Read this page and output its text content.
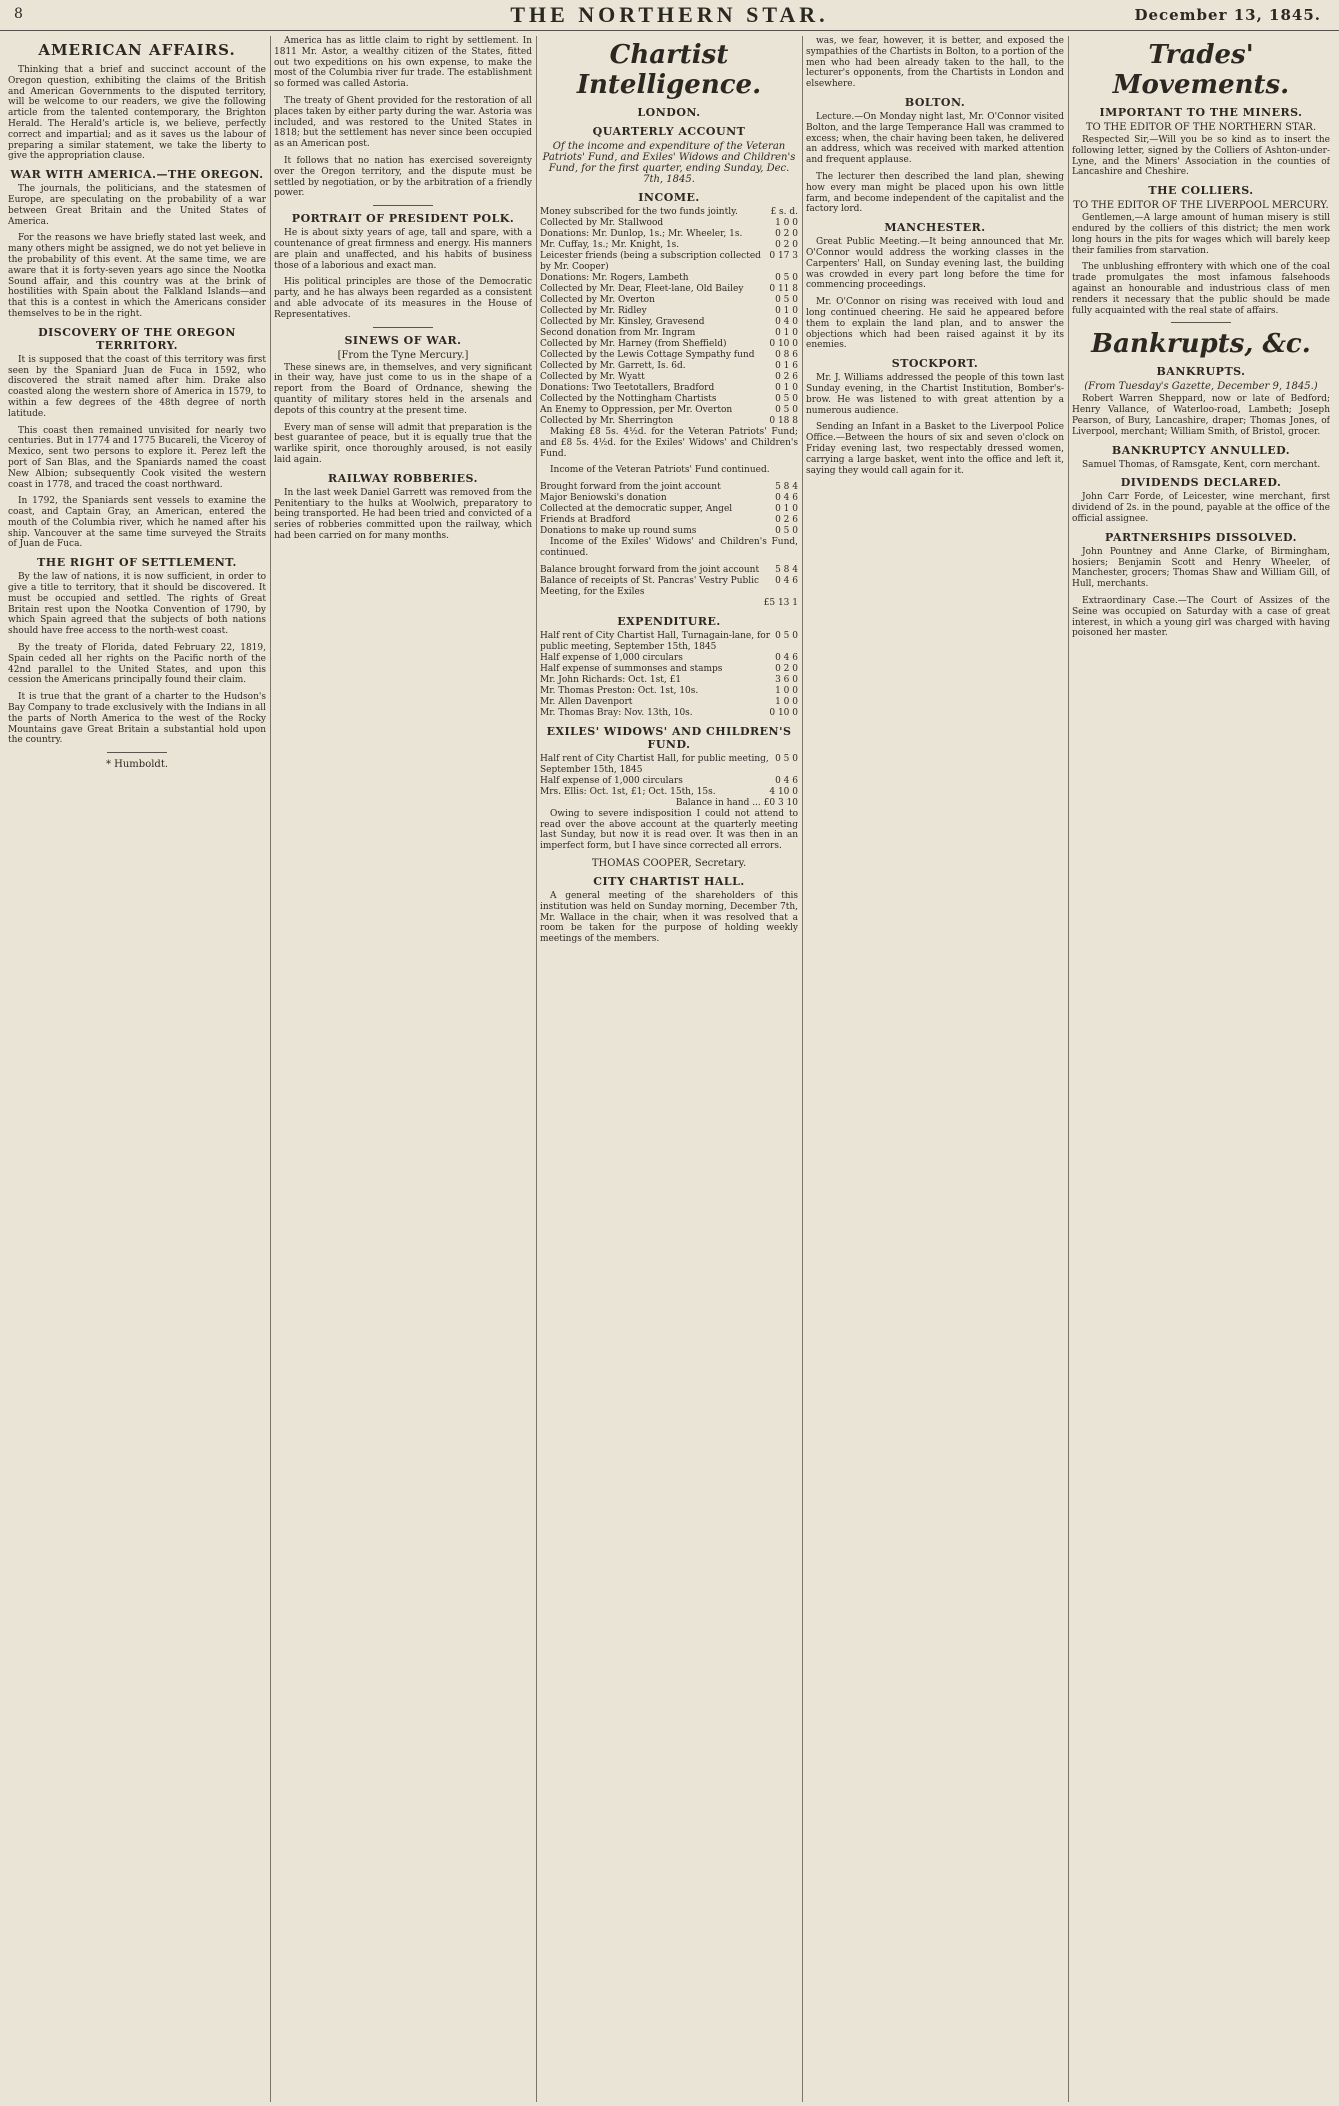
8	THE NORTHERN STAR.	December 13, 1845.
AMERICAN AFFAIRS.

Thinking that a brief and succinct account of the Oregon question, exhibiting the claims of the British and American Governments to the disputed territory, will be welcome to our readers, we give the following article from the talented contemporary, the Brighton Herald. The Herald's article is, we believe, perfectly correct and impartial; and as it saves us the labour of preparing a similar statement, we take the liberty to give the appropriation clause.

WAR WITH AMERICA.—THE OREGON.

The journals, the politicians, and the statesmen of Europe, are speculating on the probability of a war between Great Britain and the United States of America.

For the reasons we have briefly stated last week, and many others might be assigned, we do not yet believe in the probability of this event. At the same time, we are aware that it is forty-seven years ago since the Nootka Sound affair, and this country was at the brink of hostilities with Spain about the Falkland Islands—and that this is a contest in which the Americans consider themselves to be in the right.

DISCOVERY OF THE OREGON TERRITORY.

It is supposed that the coast of this territory was first seen by the Spaniard Juan de Fuca in 1592, who discovered the strait named after him. Drake also coasted along the western shore of America in 1579, to within a few degrees of the 48th degree of north latitude.

This coast then remained unvisited for nearly two centuries. But in 1774 and 1775 Bucareli, the Viceroy of Mexico, sent two persons to explore it. Perez left the port of San Blas, and the Spaniards named the coast New Albion; subsequently Cook visited the western coast in 1778, and traced the coast northward.

In 1792, the Spaniards sent vessels to examine the coast, and Captain Gray, an American, entered the mouth of the Columbia river, which he named after his ship. Vancouver at the same time surveyed the Straits of Juan de Fuca.

THE RIGHT OF SETTLEMENT.

By the law of nations, it is now sufficient, in order to give a title to territory, that it should be discovered. It must be occupied and settled. The rights of Great Britain rest upon the Nootka Convention of 1790, by which Spain agreed that the subjects of both nations should have free access to the north-west coast.

By the treaty of Florida, dated February 22, 1819, Spain ceded all her rights on the Pacific north of the 42nd parallel to the United States, and upon this cession the Americans principally found their claim.

It is true that the grant of a charter to the Hudson's Bay Company to trade exclusively with the Indians in all the parts of North America to the west of the Rocky Mountains gave Great Britain a substantial hold upon the country.

* Humboldt.

America has as little claim to right by settlement. In 1811 Mr. Astor, a wealthy citizen of the States, fitted out two expeditions on his own expense, to make the most of the Columbia river fur trade. The establishment so formed was called Astoria.

The treaty of Ghent provided for the restoration of all places taken by either party during the war. Astoria was included, and was restored to the United States in 1818; but the settlement has never since been occupied as an American post.

It follows that no nation has exercised sovereignty over the Oregon territory, and the dispute must be settled by negotiation, or by the arbitration of a friendly power.

PORTRAIT OF PRESIDENT POLK.

He is about sixty years of age, tall and spare, with a countenance of great firmness and energy. His manners are plain and unaffected, and his habits of business those of a laborious and exact man.

His political principles are those of the Democratic party, and he has always been regarded as a consistent and able advocate of its measures in the House of Representatives.

SINEWS OF WAR.
[From the Tyne Mercury.]

These sinews are, in themselves, and very significant in their way, have just come to us in the shape of a report from the Board of Ordnance, shewing the quantity of military stores held in the arsenals and depots of this country at the present time.

Every man of sense will admit that preparation is the best guarantee of peace, but it is equally true that the warlike spirit, once thoroughly aroused, is not easily laid again.

RAILWAY ROBBERIES.

In the last week Daniel Garrett was removed from the Penitentiary to the hulks at Woolwich, preparatory to being transported. He had been tried and convicted of a series of robberies committed upon the railway, which had been carried on for many months.

Chartist Intelligence.
LONDON.
QUARTERLY ACCOUNT
Of the income and expenditure of the Veteran Patriots' Fund, and Exiles' Widows and Children's Fund, for the first quarter, ending Sunday, Dec. 7th, 1845.
INCOME.
Money subscribed for the two funds jointly.	£ s. d.
Collected by Mr. Stallwood	1 0 0
Donations: Mr. Dunlop, 1s.; Mr. Wheeler, 1s.	0 2 0
Mr. Cuffay, 1s.; Mr. Knight, 1s.	0 2 0
Leicester friends (being a subscription collected by Mr. Cooper)
0 17 3
Donations: Mr. Rogers, Lambeth	0 5 0
Collected by Mr. Dear, Fleet-lane, Old Bailey	0 11 8
Collected by Mr. Overton	0 5 0
Collected by Mr. Ridley	0 1 0
Collected by Mr. Kinsley, Gravesend	0 4 0
Second donation from Mr. Ingram	0 1 0
Collected by Mr. Harney (from Sheffield)	0 10 0
Collected by the Lewis Cottage Sympathy fund 0 8 6
Collected by Mr. Garrett, Is. 6d.	0 1 6
Collected by Mr. Wyatt	0 2 6
Donations: Two Teetotallers, Bradford	0 1 0
Collected by the Nottingham Chartists	0 5 0
An Enemy to Oppression, per Mr. Overton	0 5 0
Collected by Mr. Sherrington	0 18 8

Making £8 5s. 4½d. for the Veteran Patriots' Fund; and £8 5s. 4½d. for the Exiles' Widows' and Children's Fund.

Income of the Veteran Patriots' Fund continued.

Brought forward from the joint account	5 8 4
Major Beniowski's donation	0 4 6
Collected at the democratic supper, Angel	0 1 0
Friends at Bradford	0 2 6
Donations to make up round sums	0 5 0

Income of the Exiles' Widows' and Children's Fund, continued.

Balance brought forward from the joint account 5 8 4
Balance of receipts of St. Pancras' Vestry Public Meeting, for the Exiles
0 4 6
£5 13 1
EXPENDITURE.
Half rent of City Chartist Hall, Turnagain-lane, for public meeting, September 15th, 1845
0 5 0
Half expense of 1,000 circulars	0 4 6
Half expense of summonses and stamps	0 2 0
Mr. John Richards: Oct. 1st, £1	3 6 0
Mr. Thomas Preston: Oct. 1st, 10s.	1 0 0
Mr. Allen Davenport	1 0 0
Mr. Thomas Bray: Nov. 13th, 10s.	0 10 0
EXILES' WIDOWS' AND CHILDREN'S FUND.
Half rent of City Chartist Hall, for public meeting, September 15th, 1845
0 5 0
Half expense of 1,000 circulars	0 4 6
Mrs. Ellis: Oct. 1st, £1; Oct. 15th, 15s.	4 10 0
Balance in hand ... £0 3 10

Owing to severe indisposition I could not attend to read over the above account at the quarterly meeting last Sunday, but now it is read over. It was then in an imperfect form, but I have since corrected all errors.

THOMAS COOPER, Secretary.
CITY CHARTIST HALL.

A general meeting of the shareholders of this institution was held on Sunday morning, December 7th, Mr. Wallace in the chair, when it was resolved that a room be taken for the purpose of holding weekly meetings of the members.

was, we fear, however, it is better, and exposed the sympathies of the Chartists in Bolton, to a portion of the men who had been already taken to the hall, to the lecturer's opponents, from the Chartists in London and elsewhere.

BOLTON.

Lecture.—On Monday night last, Mr. O'Connor visited Bolton, and the large Temperance Hall was crammed to excess; when, the chair having been taken, he delivered an address, which was received with marked attention and frequent applause.

The lecturer then described the land plan, shewing how every man might be placed upon his own little farm, and become independent of the capitalist and the factory lord.

MANCHESTER.

Great Public Meeting.—It being announced that Mr. O'Connor would address the working classes in the Carpenters' Hall, on Sunday evening last, the building was crowded in every part long before the time for commencing proceedings.

Mr. O'Connor on rising was received with loud and long continued cheering. He said he appeared before them to explain the land plan, and to answer the objections which had been raised against it by its enemies.

STOCKPORT.

Mr. J. Williams addressed the people of this town last Sunday evening, in the Chartist Institution, Bomber's-brow. He was listened to with great attention by a numerous audience.

Sending an Infant in a Basket to the Liverpool Police Office.—Between the hours of six and seven o'clock on Friday evening last, two respectably dressed women, carrying a large basket, went into the office and left it, saying they would call again for it.

Trades' Movements.
IMPORTANT TO THE MINERS.
TO THE EDITOR OF THE NORTHERN STAR.

Respected Sir,—Will you be so kind as to insert the following letter, signed by the Colliers of Ashton-under-Lyne, and the Miners' Association in the counties of Lancashire and Cheshire.

THE COLLIERS.
TO THE EDITOR OF THE LIVERPOOL MERCURY.

Gentlemen,—A large amount of human misery is still endured by the colliers of this district; the men work long hours in the pits for wages which will barely keep their families from starvation.

The unblushing effrontery with which one of the coal trade promulgates the most infamous falsehoods against an honourable and industrious class of men renders it necessary that the public should be made fully acquainted with the real state of affairs.

Bankrupts, &c.
BANKRUPTS.
(From Tuesday's Gazette, December 9, 1845.)

Robert Warren Sheppard, now or late of Bedford; Henry Vallance, of Waterloo-road, Lambeth; Joseph Pearson, of Bury, Lancashire, draper; Thomas Jones, of Liverpool, merchant; William Smith, of Bristol, grocer.

BANKRUPTCY ANNULLED.

Samuel Thomas, of Ramsgate, Kent, corn merchant.

DIVIDENDS DECLARED.

John Carr Forde, of Leicester, wine merchant, first dividend of 2s. in the pound, payable at the office of the official assignee.

PARTNERSHIPS DISSOLVED.

John Pountney and Anne Clarke, of Birmingham, hosiers; Benjamin Scott and Henry Wheeler, of Manchester, grocers; Thomas Shaw and William Gill, of Hull, merchants.

Extraordinary Case.—The Court of Assizes of the Seine was occupied on Saturday with a case of great interest, in which a young girl was charged with having poisoned her master.
